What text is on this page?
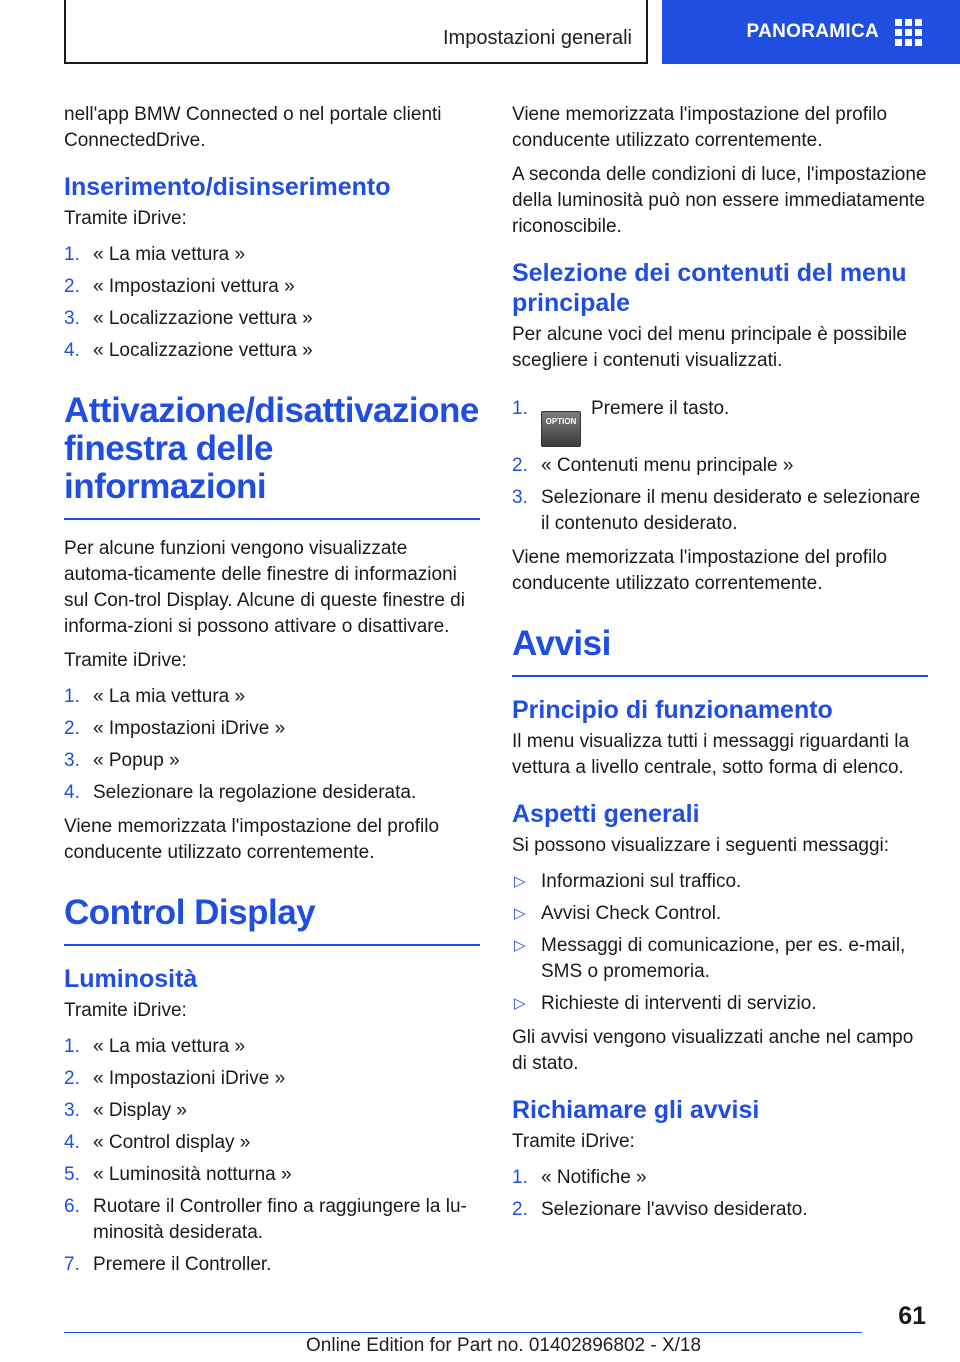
Impostazioni generali	PANORAMICA

nell'app BMW Connected o nel portale clienti ConnectedDrive.

Inserimento/disinserimento

Tramite iDrive:

1. « La mia vettura »
2. « Impostazioni vettura »
3. « Localizzazione vettura »
4. « Localizzazione vettura »
Attivazione/disattivazione finestra delle informazioni

Per alcune funzioni vengono visualizzate automa-ticamente delle finestre di informazioni sul Con-trol Display. Alcune di queste finestre di informa-zioni si possono attivare o disattivare.

Tramite iDrive:

1. « La mia vettura »
2. « Impostazioni iDrive »
3. « Popup »
4. Selezionare la regolazione desiderata.

Viene memorizzata l'impostazione del profilo conducente utilizzato correntemente.

Control Display
Luminosità

Tramite iDrive:

1. « La mia vettura »
2. « Impostazioni iDrive »
3. « Display »
4. « Control display »
5. « Luminosità notturna »
6. Ruotare il Controller fino a raggiungere la lu-minosità desiderata.
7. Premere il Controller.

Viene memorizzata l'impostazione del profilo conducente utilizzato correntemente.

A seconda delle condizioni di luce, l'impostazione della luminosità può non essere immediatamente riconoscibile.

Selezione dei contenuti del menu principale

Per alcune voci del menu principale è possibile scegliere i contenuti visualizzati.

1.
OPTIONPremere il tasto.
2. « Contenuti menu principale »
3. Selezionare il menu desiderato e selezionare il contenuto desiderato.

Viene memorizzata l'impostazione del profilo conducente utilizzato correntemente.

Avvisi
Principio di funzionamento

Il menu visualizza tutti i messaggi riguardanti la vettura a livello centrale, sotto forma di elenco.

Aspetti generali

Si possono visualizzare i seguenti messaggi:

▷ Informazioni sul traffico.
▷ Avvisi Check Control.
▷ Messaggi di comunicazione, per es. e-mail, SMS o promemoria.
▷ Richieste di interventi di servizio.

Gli avvisi vengono visualizzati anche nel campo di stato.

Richiamare gli avvisi

Tramite iDrive:

1. « Notifiche »
2. Selezionare l'avviso desiderato.
61
Online Edition for Part no. 01402896802 - X/18
